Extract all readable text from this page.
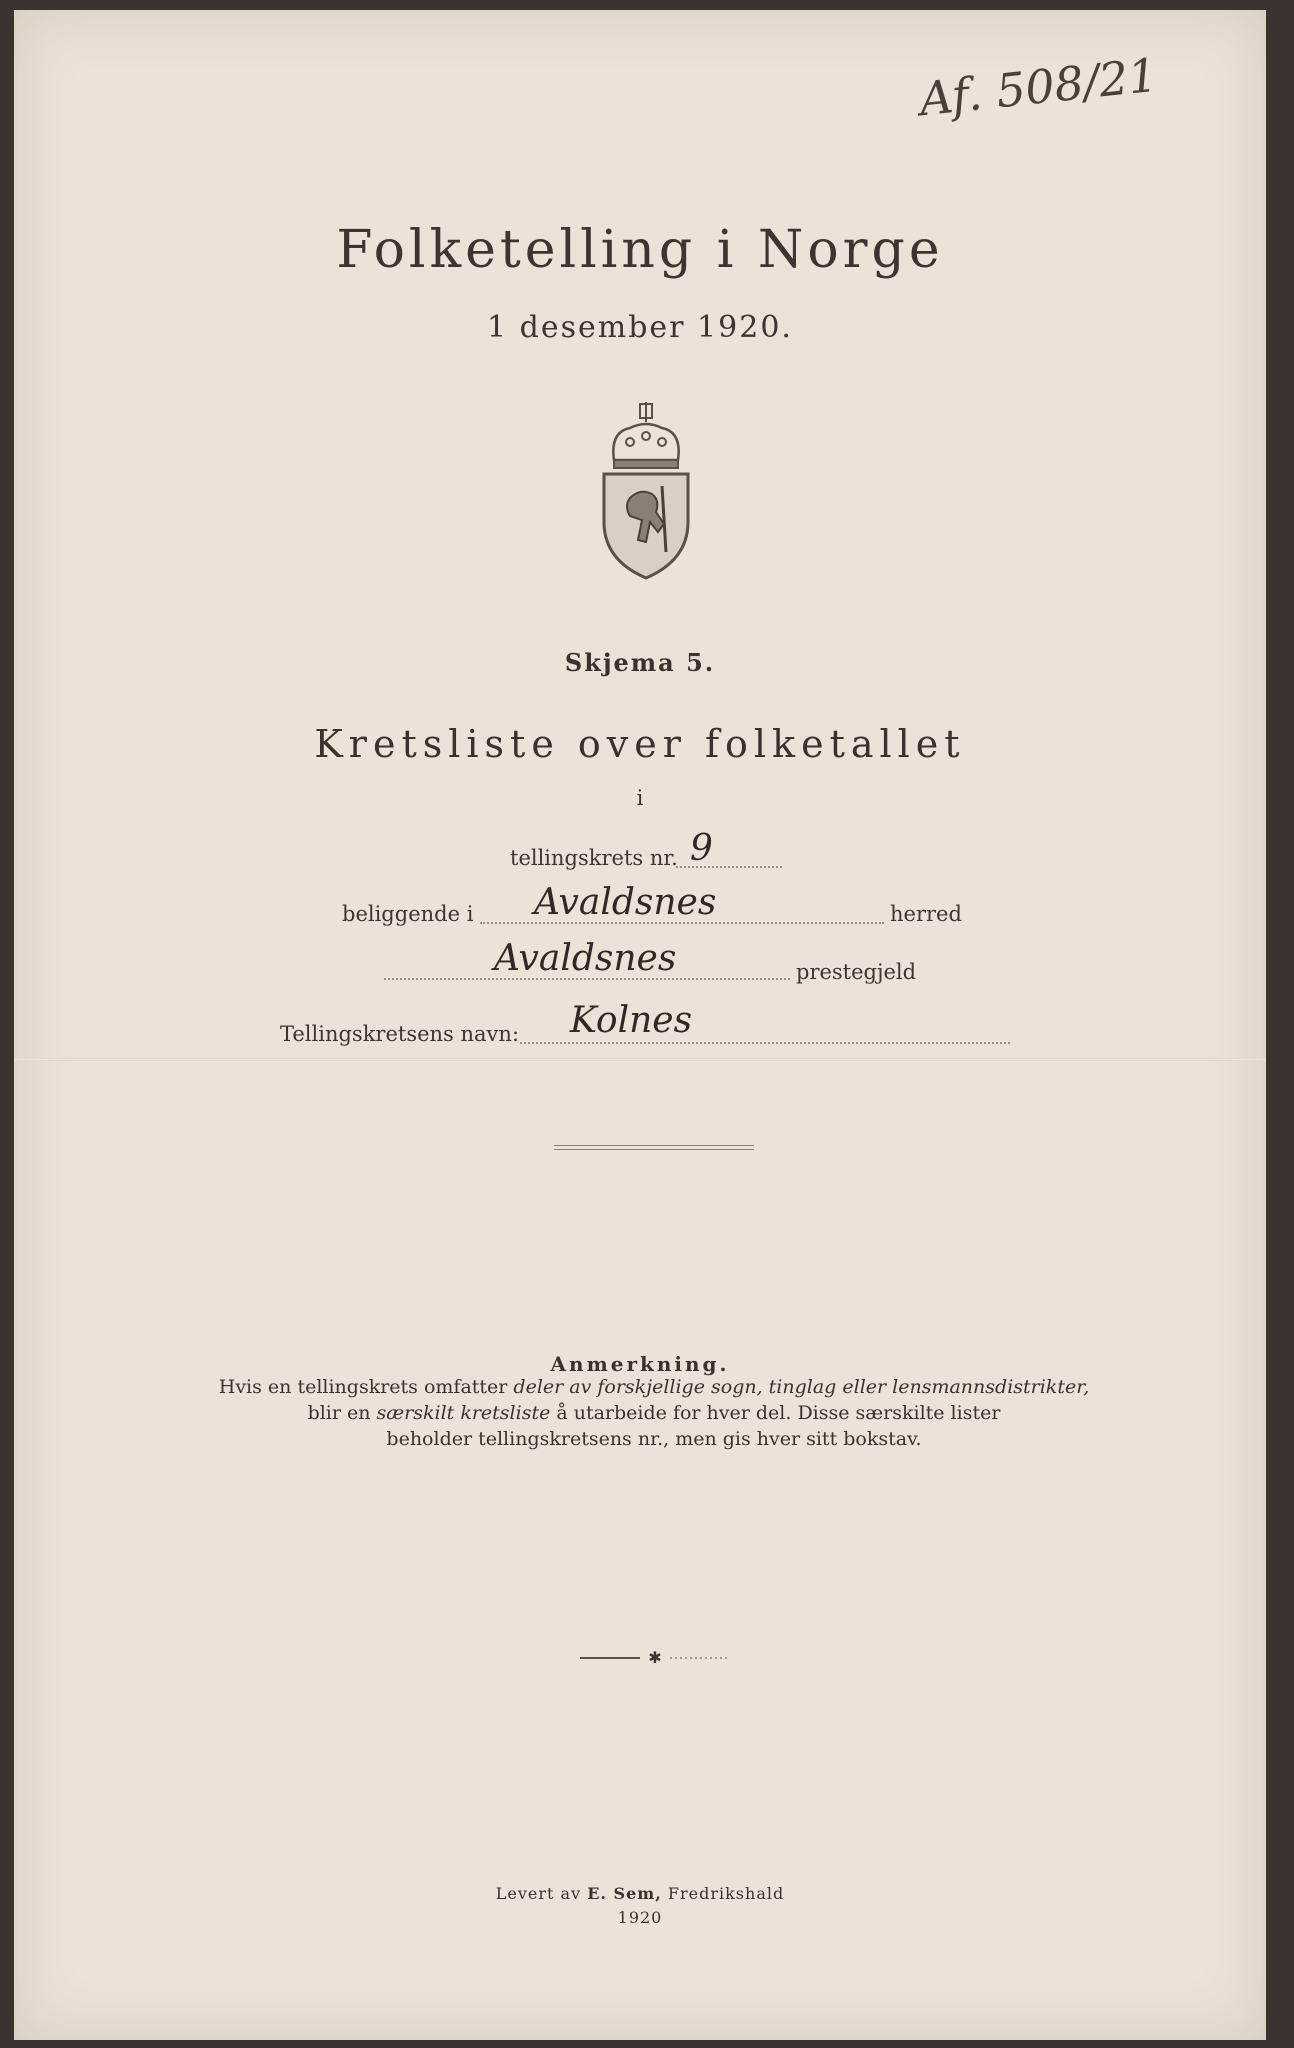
Af. 508/21
Folketelling i Norge
1 desember 1920.
Skjema 5.
Kretsliste over folketallet
i
tellingskrets nr. 9
beliggende i Avaldsnes	herred
Avaldsnes	prestegjeld
Tellingskretsens navn: Kolnes
Anmerkning.
Hvis en tellingskrets omfatter deler av forskjellige sogn, tinglag eller lensmannsdistrikter,
blir en særskilt kretsliste å utarbeide for hver del. Disse særskilte lister
beholder tellingskretsens nr., men gis hver sitt bokstav.
✱
Levert av E. Sem, Fredrikshald
1920
